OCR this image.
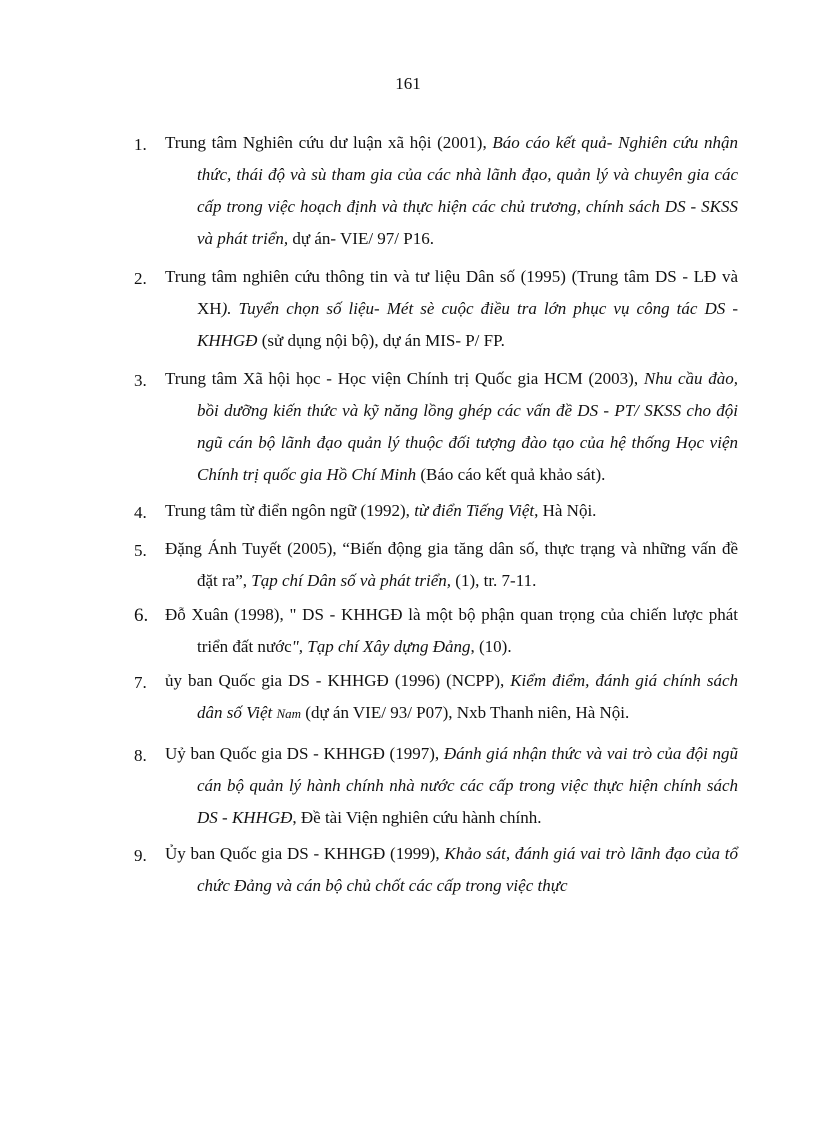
161
1.	Trung tâm Nghiên cứu dư luận xã hội (2001), Báo cáo kết quả- Nghiên cứu nhận thức, thái độ và sù tham gia của các nhà lãnh đạo, quản lý và chuyên gia các cấp trong việc hoạch định và thực hiện các chủ trương, chính sách DS - SKSS và phát triển, dự án- VIE/ 97/ P16.
2.	Trung tâm nghiên cứu thông tin và tư liệu Dân số (1995) (Trung tâm DS - LĐ và XH). Tuyển chọn số liệu- Mét sè cuộc điều tra lớn phục vụ công tác DS - KHHGĐ (sử dụng nội bộ), dự án MIS- P/ FP.
3.	Trung tâm Xã hội học - Học viện Chính trị Quốc gia HCM (2003), Nhu cầu đào, bồi dưỡng kiến thức và kỹ năng lồng ghép các vấn đề DS - PT/ SKSS cho đội ngũ cán bộ lãnh đạo quản lý thuộc đối tượng đào tạo của hệ thống Học viện Chính trị quốc gia Hồ Chí Minh (Báo cáo kết quả khảo sát).
4.	Trung tâm từ điển ngôn ngữ (1992), từ điển Tiếng Việt, Hà Nội.
5.	Đặng Ánh Tuyết (2005), “Biến động gia tăng dân số, thực trạng và những vấn đề đặt ra”, Tạp chí Dân số và phát triển, (1), tr. 7-11.
6. Đỗ Xuân (1998), " DS - KHHGĐ là một bộ phận quan trọng của chiến lược phát triển đất nước", Tạp chí Xây dựng Đảng, (10).
7.	ủy ban Quốc gia DS - KHHGĐ (1996) (NCPP), Kiểm điểm, đánh giá chính sách dân số Việt Nam (dự án VIE/ 93/ P07), Nxb Thanh niên, Hà Nội.
8.	Uỷ ban Quốc gia DS - KHHGĐ (1997), Đánh giá nhận thức và vai trò của đội ngũ cán bộ quản lý hành chính nhà nước các cấp trong việc thực hiện chính sách DS - KHHGĐ, Đề tài Viện nghiên cứu hành chính.
9.	Ủy ban Quốc gia DS - KHHGĐ (1999), Khảo sát, đánh giá vai trò lãnh đạo của tổ chức Đảng và cán bộ chủ chốt các cấp trong việc thực
